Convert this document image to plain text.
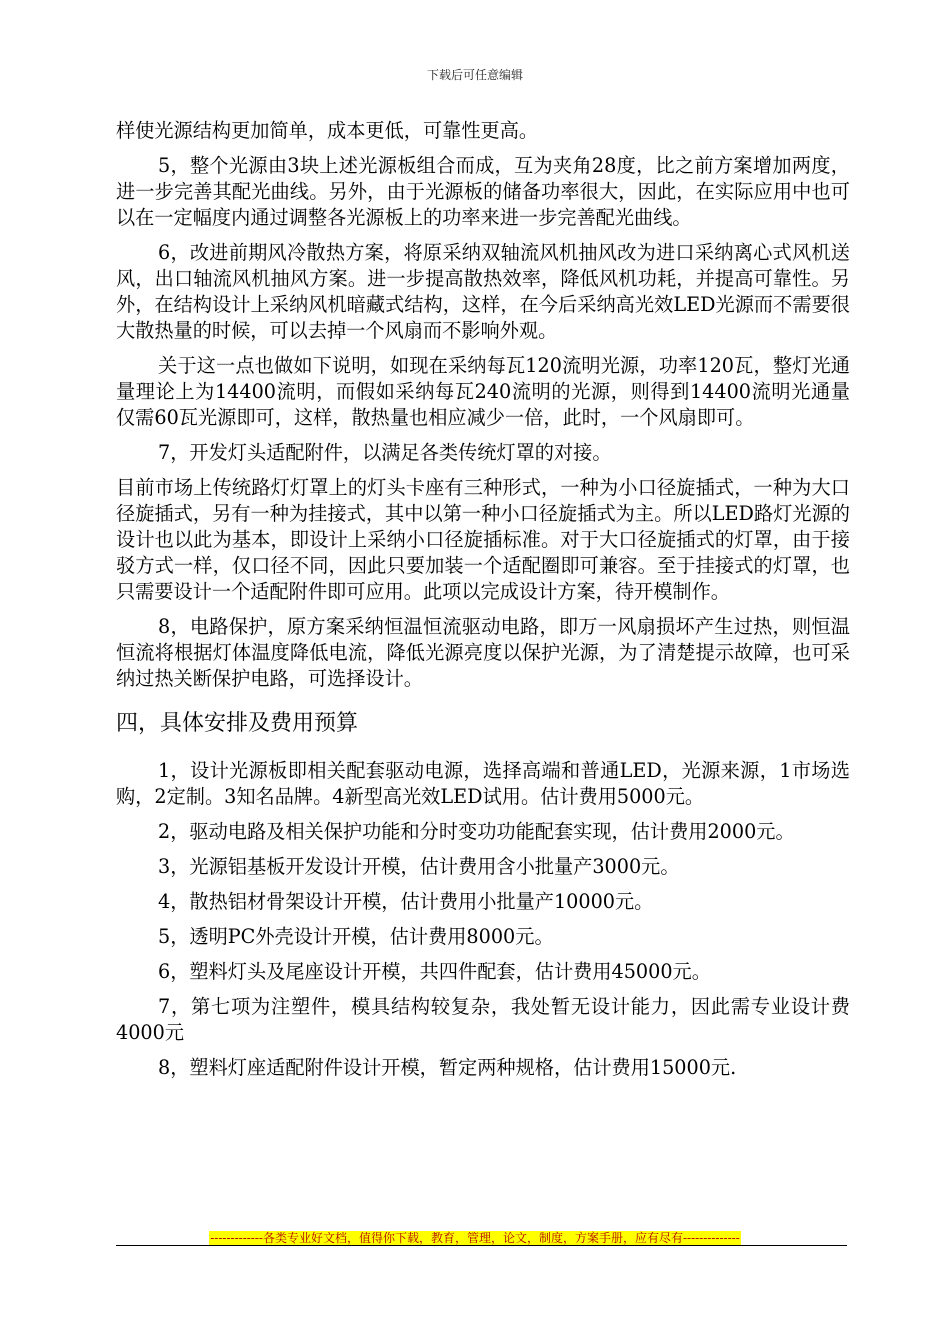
下载后可任意编辑

样使光源结构更加简单，成本更低，可靠性更高。

5，整个光源由3块上述光源板组合而成，互为夹角28度，比之前方案增加两度，进一步完善其配光曲线。另外，由于光源板的储备功率很大，因此，在实际应用中也可以在一定幅度内通过调整各光源板上的功率来进一步完善配光曲线。

6，改进前期风冷散热方案，将原采纳双轴流风机抽风改为进口采纳离心式风机送风，出口轴流风机抽风方案。进一步提高散热效率，降低风机功耗，并提高可靠性。另外，在结构设计上采纳风机暗藏式结构，这样，在今后采纳高光效LED光源而不需要很大散热量的时候，可以去掉一个风扇而不影响外观。

关于这一点也做如下说明，如现在采纳每瓦120流明光源，功率120瓦，整灯光通量理论上为14400流明，而假如采纳每瓦240流明的光源，则得到14400流明光通量仅需60瓦光源即可，这样，散热量也相应减少一倍，此时，一个风扇即可。

7，开发灯头适配附件，以满足各类传统灯罩的对接。

目前市场上传统路灯灯罩上的灯头卡座有三种形式，一种为小口径旋插式，一种为大口径旋插式，另有一种为挂接式，其中以第一种小口径旋插式为主。所以LED路灯光源的设计也以此为基本，即设计上采纳小口径旋插标准。对于大口径旋插式的灯罩，由于接驳方式一样，仅口径不同，因此只要加装一个适配圈即可兼容。至于挂接式的灯罩，也只需要设计一个适配附件即可应用。此项以完成设计方案，待开模制作。

8，电路保护，原方案采纳恒温恒流驱动电路，即万一风扇损坏产生过热，则恒温恒流将根据灯体温度降低电流，降低光源亮度以保护光源，为了清楚提示故障，也可采纳过热关断保护电路，可选择设计。

四，具体安排及费用预算

1，设计光源板即相关配套驱动电源，选择高端和普通LED，光源来源，1市场选购，2定制。3知名品牌。4新型高光效LED试用。估计费用5000元。

2，驱动电路及相关保护功能和分时变功功能配套实现，估计费用2000元。

3，光源铝基板开发设计开模，估计费用含小批量产3000元。

4，散热铝材骨架设计开模，估计费用小批量产10000元。

5，透明PC外壳设计开模，估计费用8000元。

6，塑料灯头及尾座设计开模，共四件配套，估计费用45000元。

7，第七项为注塑件，模具结构较复杂，我处暂无设计能力，因此需专业设计费4000元

8，塑料灯座适配附件设计开模，暂定两种规格，估计费用15000元.

-------------各类专业好文档，值得你下载，教育，管理，论文，制度，方案手册，应有尽有--------------
